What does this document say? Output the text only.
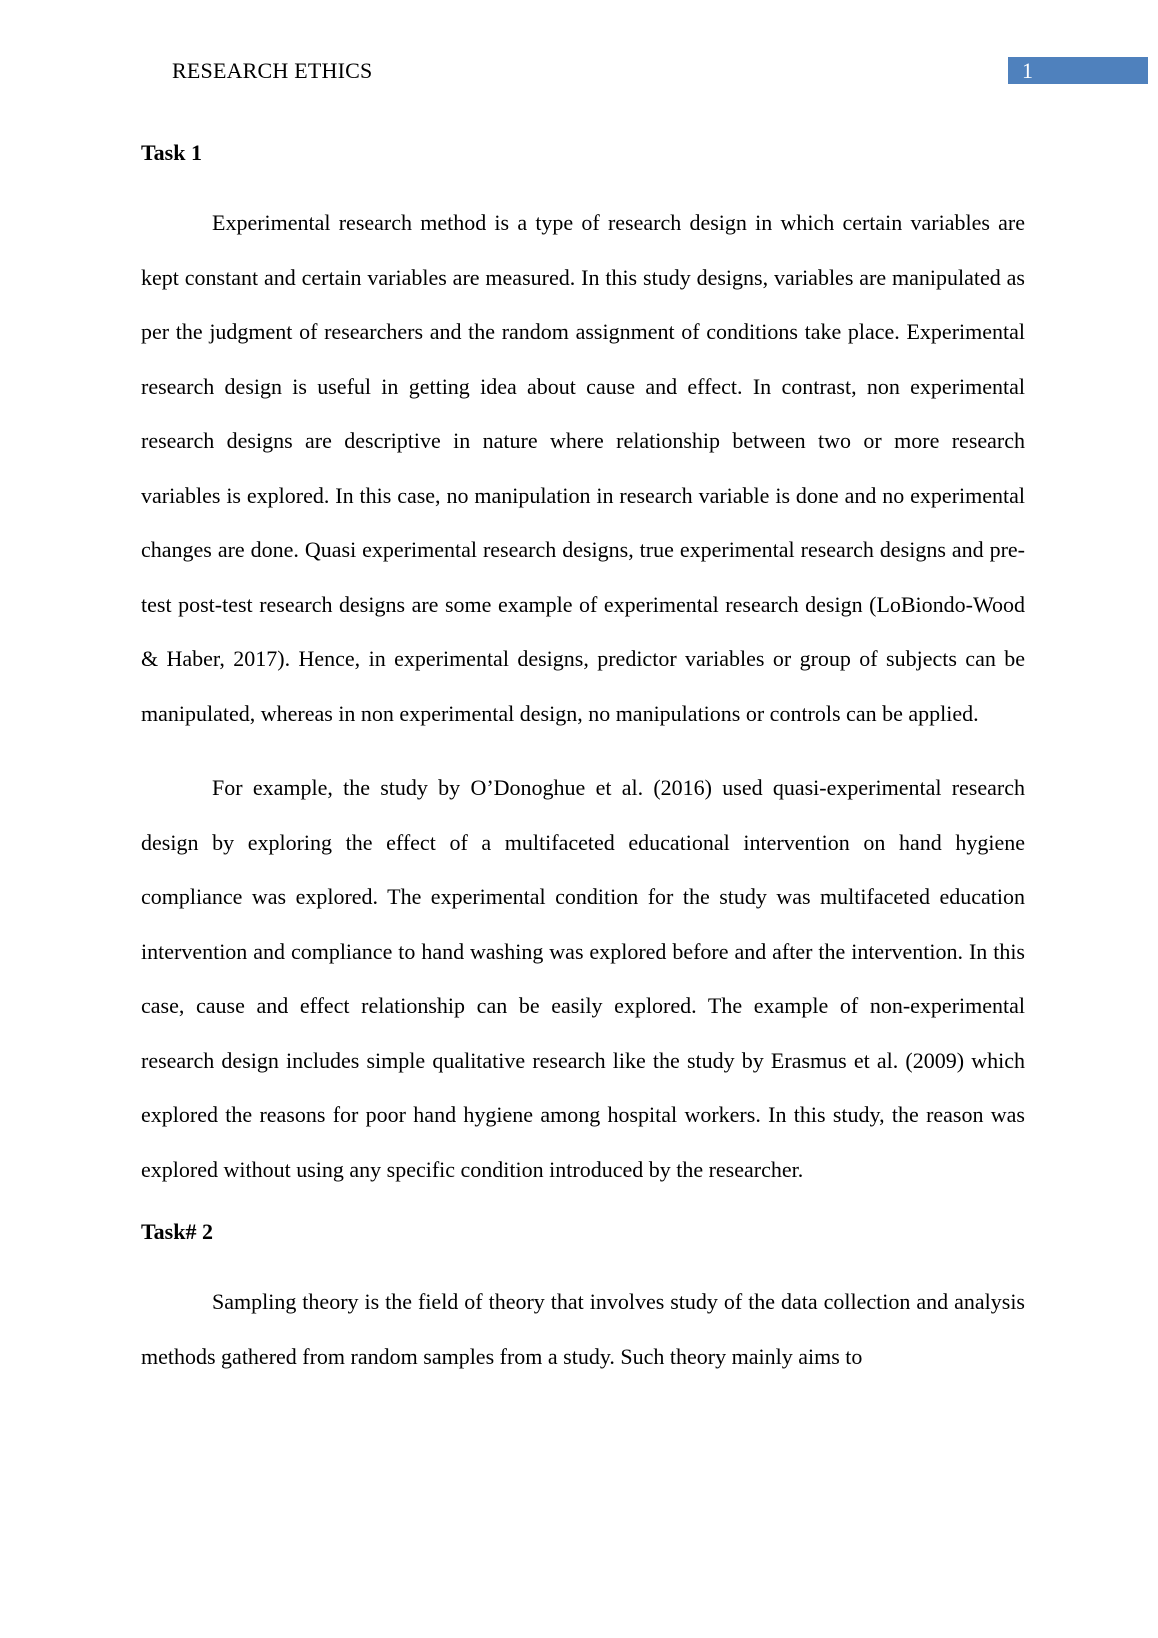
RESEARCH ETHICS	1
Task 1

Experimental research method is a type of research design in which certain variables are kept constant and certain variables are measured. In this study designs, variables are manipulated as per the judgment of researchers and the random assignment of conditions take place. Experimental research design is useful in getting idea about cause and effect. In contrast, non experimental research designs are descriptive in nature where relationship between two or more research variables is explored. In this case, no manipulation in research variable is done and no experimental changes are done. Quasi experimental research designs, true experimental research designs and pre-test post-test research designs are some example of experimental research design (LoBiondo-Wood & Haber, 2017). Hence, in experimental designs, predictor variables or group of subjects can be manipulated, whereas in non experimental design, no manipulations or controls can be applied.

For example, the study by O’Donoghue et al. (2016) used quasi-experimental research design by exploring the effect of a multifaceted educational intervention on hand hygiene compliance was explored. The experimental condition for the study was multifaceted education intervention and compliance to hand washing was explored before and after the intervention. In this case, cause and effect relationship can be easily explored. The example of non-experimental research design includes simple qualitative research like the study by Erasmus et al. (2009) which explored the reasons for poor hand hygiene among hospital workers. In this study, the reason was explored without using any specific condition introduced by the researcher.

Task# 2

Sampling theory is the field of theory that involves study of the data collection and analysis methods gathered from random samples from a study. Such theory mainly aims to
